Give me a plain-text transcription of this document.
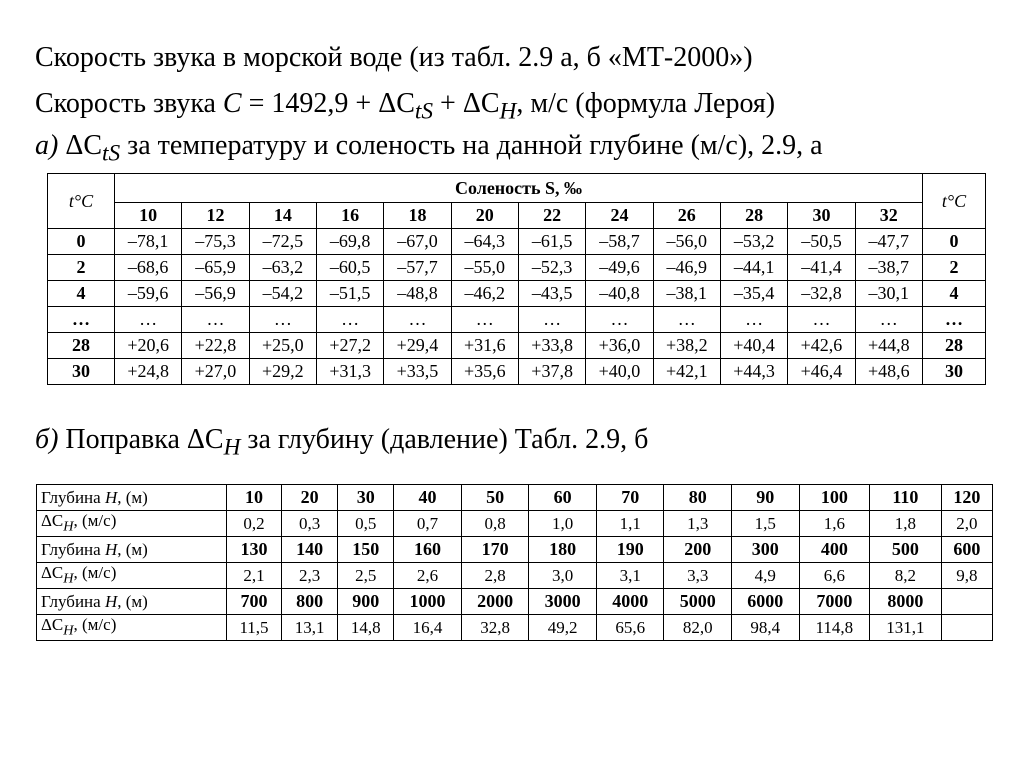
Скорость звука в морской воде (из табл. 2.9 а, б «МТ-2000»)
Скорость звука $C = 1492,9 + \Delta C_{tS} + \Delta C_H$, м/с (формула Лероя)
а) $\Delta C_{tS}$ за температуру и соленость на данной глубине (м/с), 2.9, а
t°C	Соленость S, ‰												t°C
	10	12	14	16	18	20	22	24	26	28	30	32	
0	–78,1	–75,3	–72,5	–69,8	–67,0	–64,3	–61,5	–58,7	–56,0	–53,2	–50,5	–47,7	0
2	–68,6	–65,9	–63,2	–60,5	–57,7	–55,0	–52,3	–49,6	–46,9	–44,1	–41,4	–38,7	2
4	–59,6	–56,9	–54,2	–51,5	–48,8	–46,2	–43,5	–40,8	–38,1	–35,4	–32,8	–30,1	4
…	…	…	…	…	…	…	…	…	…	…	…	…	…
28	+20,6	+22,8	+25,0	+27,2	+29,4	+31,6	+33,8	+36,0	+38,2	+40,4	+42,6	+44,8	28
30	+24,8	+27,0	+29,2	+31,3	+33,5	+35,6	+37,8	+40,0	+42,1	+44,3	+46,4	+48,6	30
б) Поправка $\Delta C_H$ за глубину (давление) Табл. 2.9, б
Глубина H, (м)	10	20	30	40	50	60	70	80	90	100	110	120
$\Delta C_H$, (м/с)	0,2	0,3	0,5	0,7	0,8	1,0	1,1	1,3	1,5	1,6	1,8	2,0
Глубина H, (м)	130	140	150	160	170	180	190	200	300	400	500	600
$\Delta C_H$, (м/с)	2,1	2,3	2,5	2,6	2,8	3,0	3,1	3,3	4,9	6,6	8,2	9,8
Глубина H, (м)	700	800	900	1000	2000	3000	4000	5000	6000	7000	8000	
$\Delta C_H$, (м/с)	11,5	13,1	14,8	16,4	32,8	49,2	65,6	82,0	98,4	114,8	131,1	
